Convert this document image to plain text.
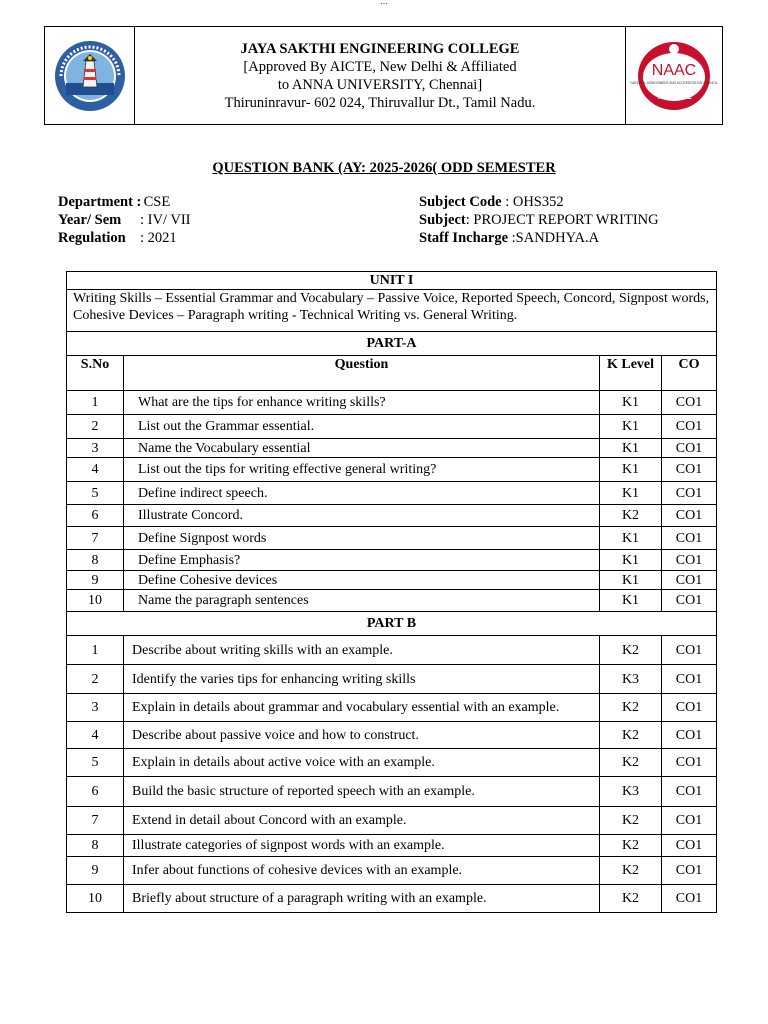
...
JAYA SAKTHI ENGINEERING COLLEGE
[Approved By AICTE, New Delhi & Affiliated
to ANNA UNIVERSITY, Chennai]
Thiruninravur- 602 024, Thiruvallur Dt., Tamil Nadu.
NAAC
NATIONAL ASSESSMENT AND ACCREDITATION COUNCIL
'A' GRADE
QUESTION BANK (AY: 2025-2026( ODD SEMESTER
Department : CSE
Year/ Sem : IV/ VII
Regulation : 2021
Subject Code : OHS352
Subject: PROJECT REPORT WRITING
Staff Incharge :SANDHYA.A
UNIT I			
Writing Skills – Essential Grammar and Vocabulary – Passive Voice, Reported Speech, Concord, Signpost words, Cohesive Devices – Paragraph writing - Technical Writing vs. General Writing.			
PART-A			
S.No	Question	K Level	CO
1	What are the tips for enhance writing skills?	K1	CO1
2	List out the Grammar essential.	K1	CO1
3	Name the Vocabulary essential	K1	CO1
4	List out the tips for writing effective general writing?	K1	CO1
5	Define indirect speech.	K1	CO1
6	Illustrate Concord.	K2	CO1
7	Define Signpost words	K1	CO1
8	Define Emphasis?	K1	CO1
9	Define Cohesive devices	K1	CO1
10	Name the paragraph sentences	K1	CO1
PART B			
1	Describe about writing skills with an example.	K2	CO1
2	Identify the varies tips for enhancing writing skills	K3	CO1
3	Explain in details about grammar and vocabulary essential with an example.	K2	CO1
4	Describe about passive voice and how to construct.	K2	CO1
5	Explain in details about active voice with an example.	K2	CO1
6	Build the basic structure of reported speech with an example.	K3	CO1
7	Extend in detail about Concord with an example.	K2	CO1
8	Illustrate categories of signpost words with an example.	K2	CO1
9	Infer about functions of cohesive devices with an example.	K2	CO1
10	Briefly about structure of a paragraph writing with an example.	K2	CO1
